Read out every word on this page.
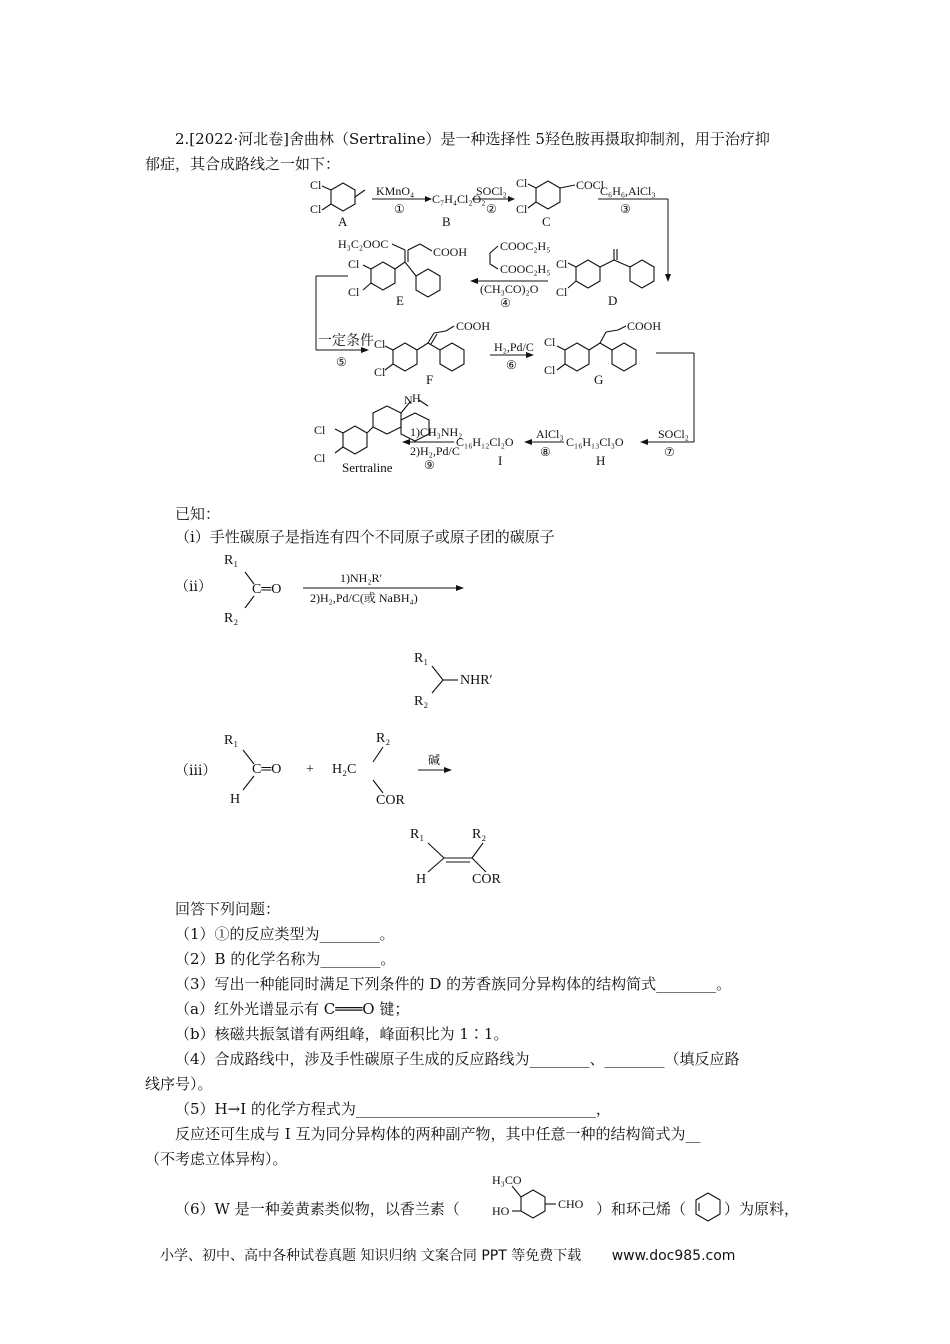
2.[2022·河北卷]舍曲林（Sertraline）是一种选择性 5羟色胺再摄取抑制剂，用于治疗抑
郁症，其合成路线之一如下：
Cl
Cl
A
KMnO₄
①
C₇H₄Cl₂O₂
B
SOCl₂
②
Cl
Cl
COCl
C
C₆H₆,AlCl₃
③
Cl
Cl
D
COOC₂H₅
COOC₂H₅
(CH₃CO)₂O
④
H₃C₂OOC
COOH
Cl
Cl
E
一定条件
⑤
Cl
Cl
COOH
F
H₂,Pd/C
⑥
Cl
Cl
COOH
G
SOCl₂
⑦
C₁₆H₁₃Cl₃O
H
AlCl₃
⑧
C₁₆H₁₂Cl₂O
I
1)CH₃NH₂
2)H₂,Pd/C
⑨
H
N
Cl
Cl
Sertraline
已知：
（ⅰ）手性碳原子是指连有四个不同原子或原子团的碳原子
（ⅱ）
R₁
R₂
C═O
1)NH₂R′
2)H₂,Pd/C(或 NaBH₄)
R₁
R₂
NHR′
（ⅲ）
R₁
C═O
H
+ H₂C
R₂
COR
碱
R₁	R₂
H	COR
回答下列问题：
（1）①的反应类型为________。
（2）B 的化学名称为________。
（3）写出一种能同时满足下列条件的 D 的芳香族同分异构体的结构简式________。
（a）红外光谱显示有 C═══O 键；
（b）核磁共振氢谱有两组峰，峰面积比为 1∶1。
（4）合成路线中，涉及手性碳原子生成的反应路线为________、________（填反应路
线序号）。
（5）H→I 的化学方程式为________________________________，
反应还可生成与 I 互为同分异构体的两种副产物，其中任意一种的结构简式为__
（不考虑立体异构）。
（6）W 是一种姜黄素类似物，以香兰素（
H₃CO
HO	CHO ）和环己烯（	）为原料，
小学、初中、高中各种试卷真题 知识归纳 文案合同 PPT 等免费下载 www.doc985.com
